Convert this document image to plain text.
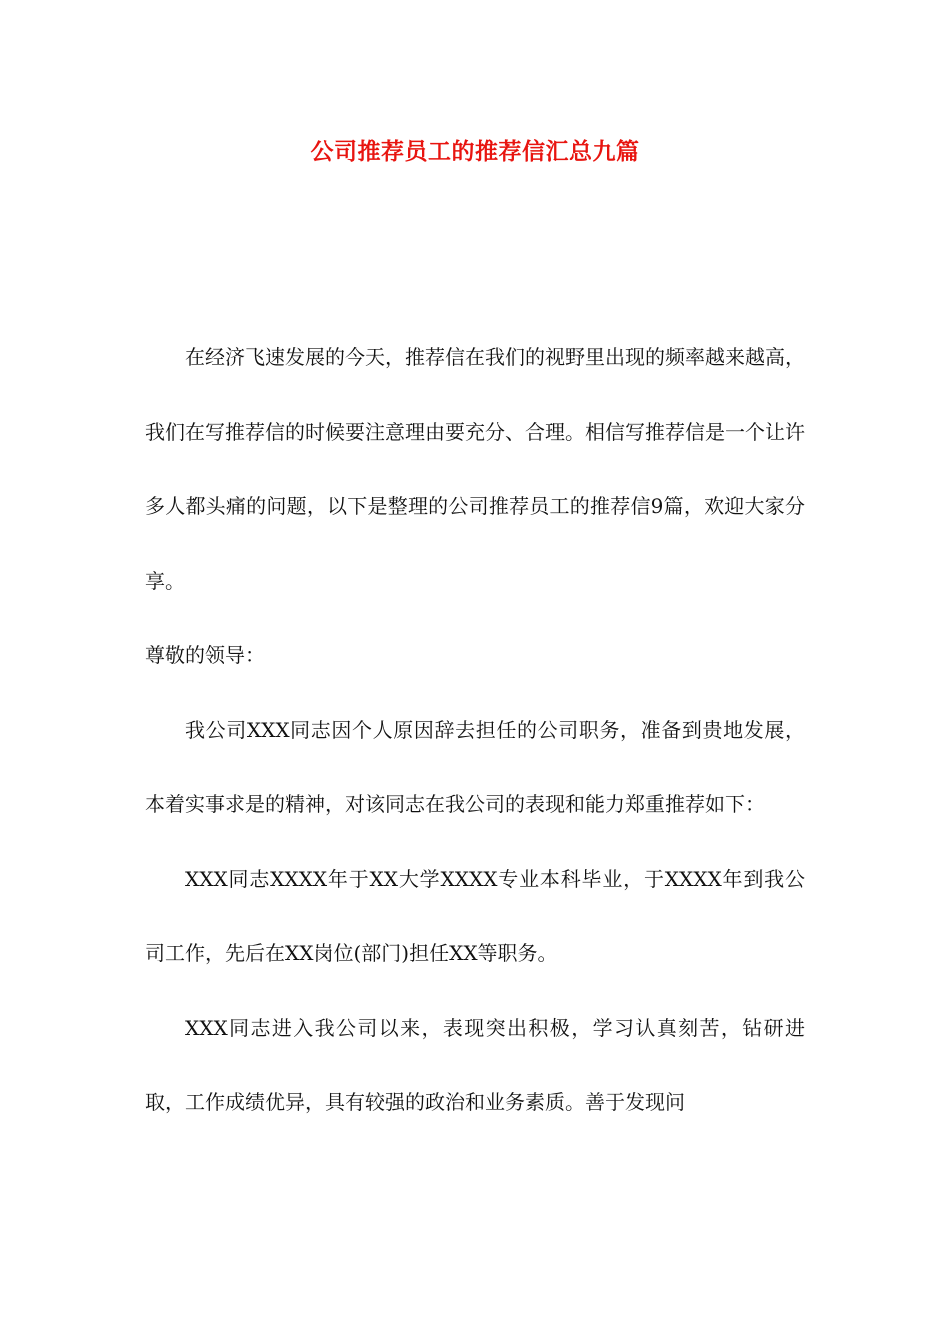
公司推荐员工的推荐信汇总九篇

在经济飞速发展的今天，推荐信在我们的视野里出现的频率越来越高，我们在写推荐信的时候要注意理由要充分、合理。相信写推荐信是一个让许多人都头痛的问题，以下是整理的公司推荐员工的推荐信9篇，欢迎大家分享。

尊敬的领导：

我公司XXX同志因个人原因辞去担任的公司职务，准备到贵地发展，本着实事求是的精神，对该同志在我公司的表现和能力郑重推荐如下：

XXX同志XXXX年于XX大学XXXX专业本科毕业，于XXXX年到我公司工作，先后在XX岗位(部门)担任XX等职务。

XXX同志进入我公司以来，表现突出积极，学习认真刻苦，钻研进取，工作成绩优异，具有较强的政治和业务素质。善于发现问
